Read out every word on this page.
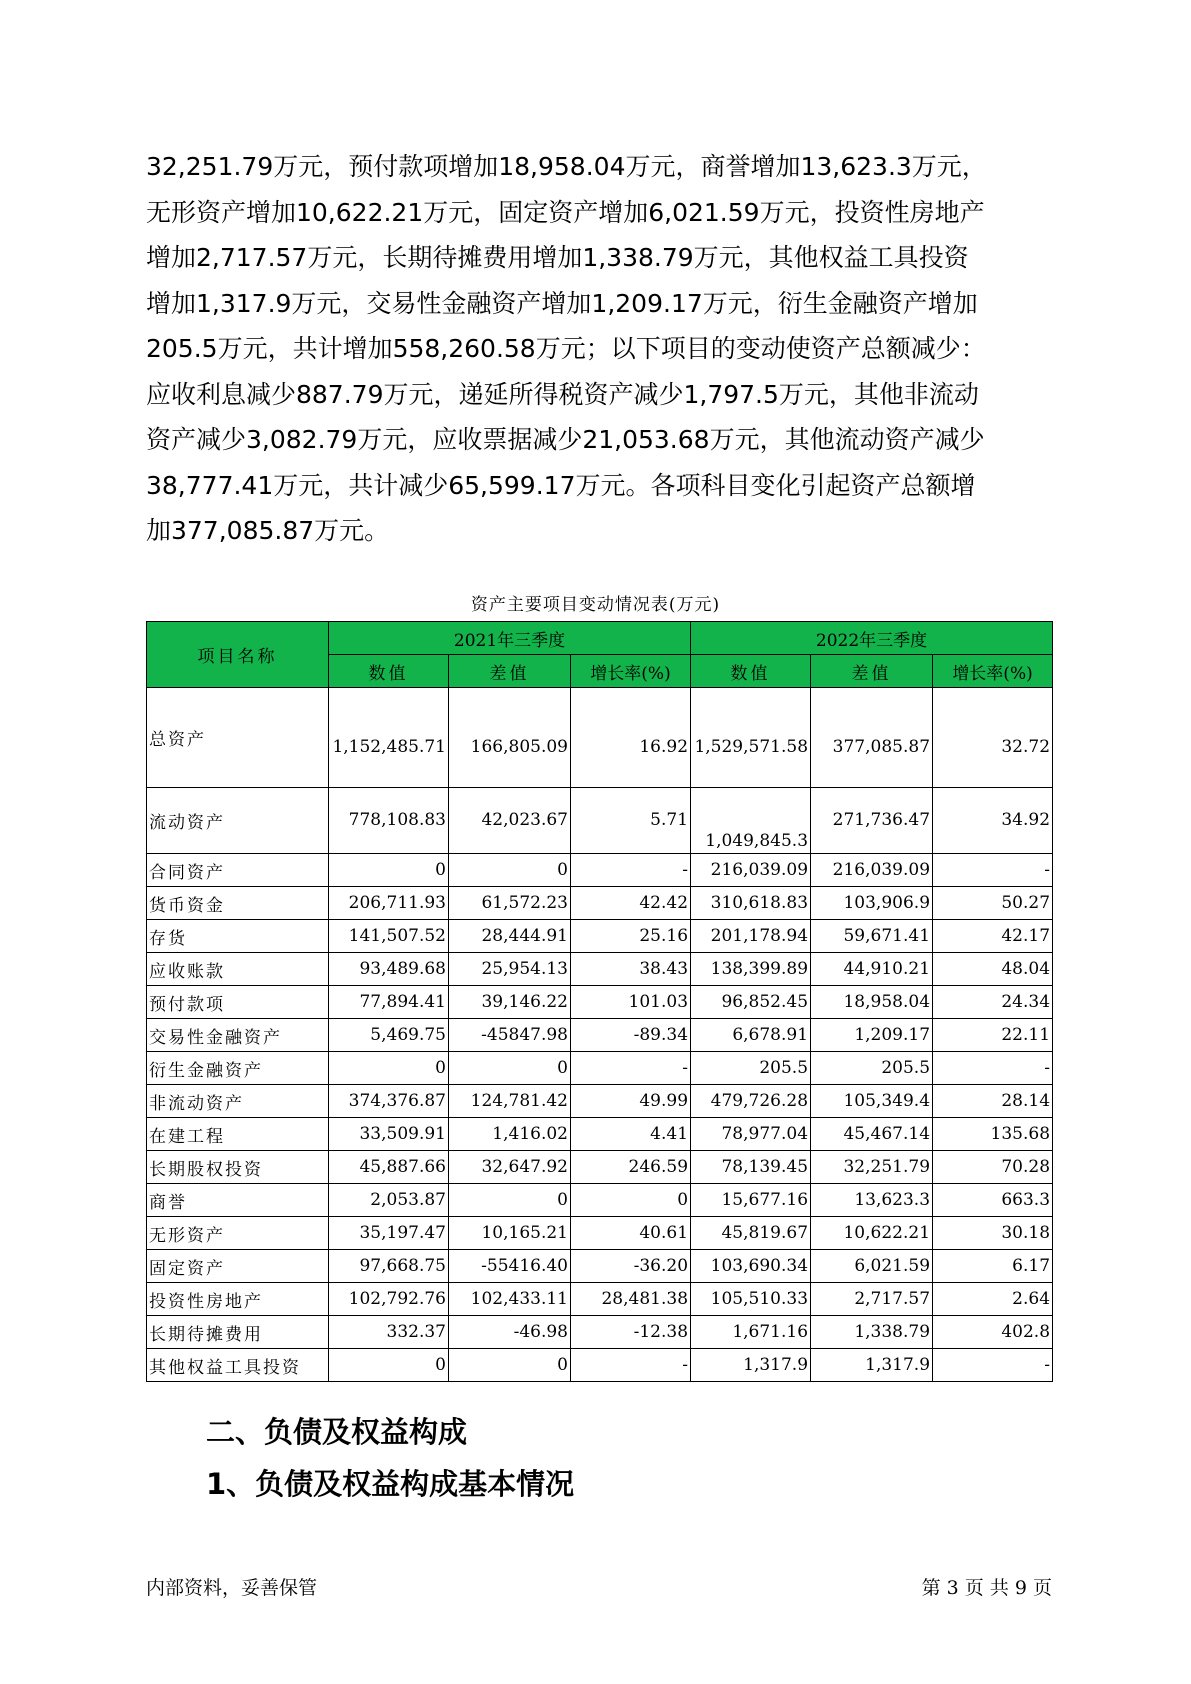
32,251.79万元，预付款项增加18,958.04万元，商誉增加13,623.3万元，
无形资产增加10,622.21万元，固定资产增加6,021.59万元，投资性房地产
增加2,717.57万元，长期待摊费用增加1,338.79万元，其他权益工具投资
增加1,317.9万元，交易性金融资产增加1,209.17万元，衍生金融资产增加
205.5万元，共计增加558,260.58万元；以下项目的变动使资产总额减少：
应收利息减少887.79万元，递延所得税资产减少1,797.5万元，其他非流动
资产减少3,082.79万元，应收票据减少21,053.68万元，其他流动资产减少
38,777.41万元，共计减少65,599.17万元。各项科目变化引起资产总额增
加377,085.87万元。
资产主要项目变动情况表(万元)
项目名称	2021年三季度			2022年三季度		
	数值	差值	增长率(%)	数值	差值	增长率(%)
总资产	1,152,485.71	166,805.09	16.92	1,529,571.58	377,085.87	32.72
流动资产	778,108.83	42,023.67	5.71	1,049,845.3	271,736.47	34.92
合同资产	0	0	-	216,039.09	216,039.09	-
货币资金	206,711.93	61,572.23	42.42	310,618.83	103,906.9	50.27
存货	141,507.52	28,444.91	25.16	201,178.94	59,671.41	42.17
应收账款	93,489.68	25,954.13	38.43	138,399.89	44,910.21	48.04
预付款项	77,894.41	39,146.22	101.03	96,852.45	18,958.04	24.34
交易性金融资产	5,469.75	-45847.98	-89.34	6,678.91	1,209.17	22.11
衍生金融资产	0	0	-	205.5	205.5	-
非流动资产	374,376.87	124,781.42	49.99	479,726.28	105,349.4	28.14
在建工程	33,509.91	1,416.02	4.41	78,977.04	45,467.14	135.68
长期股权投资	45,887.66	32,647.92	246.59	78,139.45	32,251.79	70.28
商誉	2,053.87	0	0	15,677.16	13,623.3	663.3
无形资产	35,197.47	10,165.21	40.61	45,819.67	10,622.21	30.18
固定资产	97,668.75	-55416.40	-36.20	103,690.34	6,021.59	6.17
投资性房地产	102,792.76	102,433.11	28,481.38	105,510.33	2,717.57	2.64
长期待摊费用	332.37	-46.98	-12.38	1,671.16	1,338.79	402.8
其他权益工具投资	0	0	-	1,317.9	1,317.9	-

二、负债及权益构成

1、负债及权益构成基本情况

内部资料，妥善保管	第 3 页 共 9 页
